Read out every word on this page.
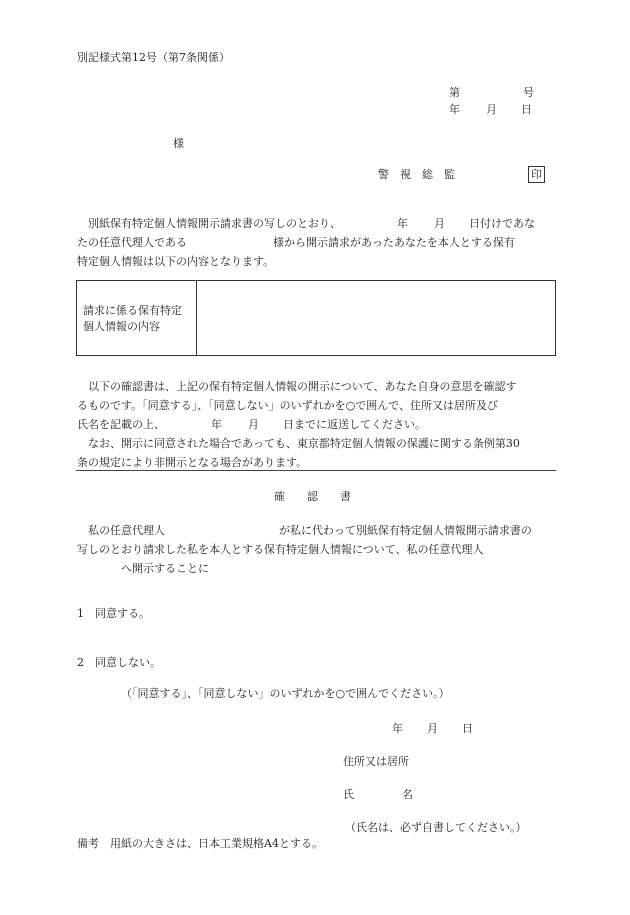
別記様式第12号（第7条関係）
第	号
年 月 日
様
警　視　総　監	印

別紙保有特定個人情報開示請求書の写しのとおり、	年 月 日付けであな

たの任意代理人である	様から開示請求があったあなたを本人とする保有

特定個人情報は以下の内容となります。

請求に係る保有特定
個人情報の内容

以下の確認書は、上記の保有特定個人情報の開示について、あなた自身の意思を確認す

るものです。「同意する」、「同意しない」のいずれかを○で囲んで、住所又は居所及び

氏名を記載の上、	年 月 日までに返送してください。

なお、開示に同意された場合であっても、東京都特定個人情報の保護に関する条例第30

条の規定により非開示となる場合があります。

確　　認　　書

私の任意代理人	が私に代わって別紙保有特定個人情報開示請求書の

写しのとおり請求した私を本人とする保有特定個人情報について、私の任意代理人

へ開示することに

1　同意する。
2　同意しない。
（「同意する」、「同意しない」のいずれかを○で囲んでください。）
年 月 日
住所又は居所
氏	名
（氏名は、必ず自書してください。）
備考　用紙の大きさは、日本工業規格A4とする。
